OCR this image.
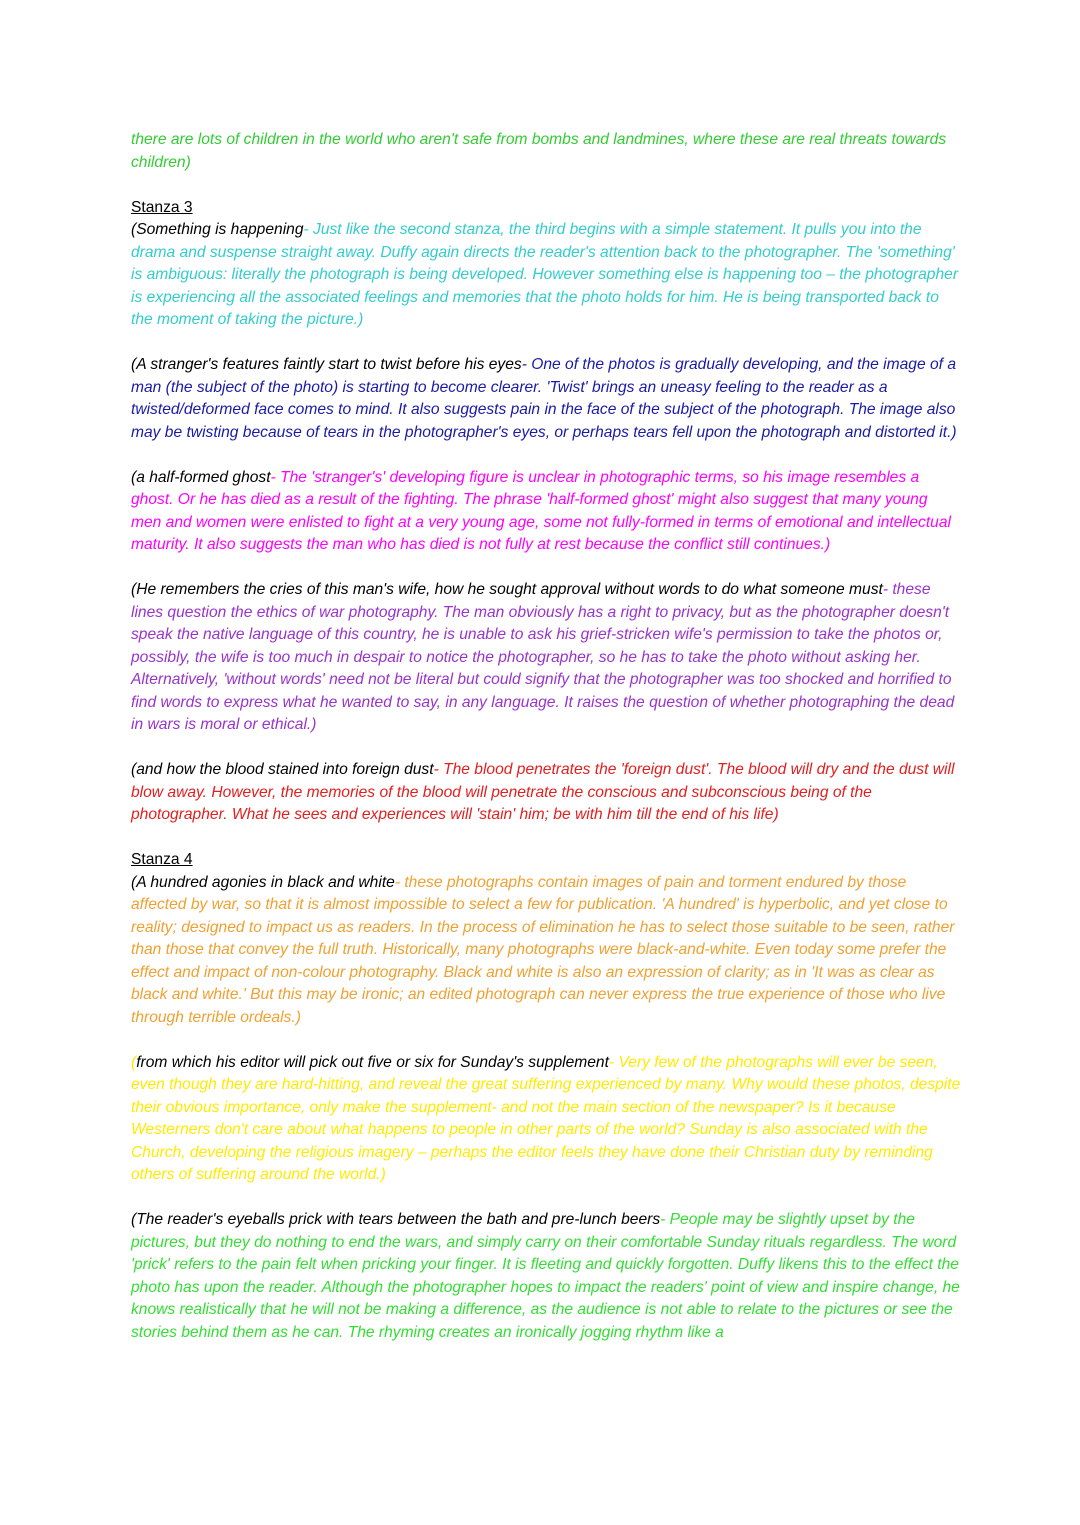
there are lots of children in the world who aren't safe from bombs and landmines, where these are real threats towards children)

Stanza 3

(Something is happening- Just like the second stanza, the third begins with a simple statement. It pulls you into the drama and suspense straight away. Duffy again directs the reader's attention back to the photographer. The 'something' is ambiguous: literally the photograph is being developed. However something else is happening too – the photographer is experiencing all the associated feelings and memories that the photo holds for him. He is being transported back to the moment of taking the picture.)

(A stranger's features faintly start to twist before his eyes- One of the photos is gradually developing, and the image of a man (the subject of the photo) is starting to become clearer. 'Twist' brings an uneasy feeling to the reader as a twisted/deformed face comes to mind. It also suggests pain in the face of the subject of the photograph. The image also may be twisting because of tears in the photographer's eyes, or perhaps tears fell upon the photograph and distorted it.)

(a half-formed ghost- The 'stranger's' developing figure is unclear in photographic terms, so his image resembles a ghost. Or he has died as a result of the fighting. The phrase 'half-formed ghost' might also suggest that many young men and women were enlisted to fight at a very young age, some not fully-formed in terms of emotional and intellectual maturity. It also suggests the man who has died is not fully at rest because the conflict still continues.)

(He remembers the cries of this man's wife, how he sought approval without words to do what someone must- these lines question the ethics of war photography. The man obviously has a right to privacy, but as the photographer doesn't speak the native language of this country, he is unable to ask his grief-stricken wife's permission to take the photos or, possibly, the wife is too much in despair to notice the photographer, so he has to take the photo without asking her. Alternatively, 'without words' need not be literal but could signify that the photographer was too shocked and horrified to find words to express what he wanted to say, in any language. It raises the question of whether photographing the dead in wars is moral or ethical.)

(and how the blood stained into foreign dust- The blood penetrates the 'foreign dust'. The blood will dry and the dust will blow away. However, the memories of the blood will penetrate the conscious and subconscious being of the photographer. What he sees and experiences will 'stain' him; be with him till the end of his life)

Stanza 4

(A hundred agonies in black and white- these photographs contain images of pain and torment endured by those affected by war, so that it is almost impossible to select a few for publication. 'A hundred' is hyperbolic, and yet close to reality; designed to impact us as readers. In the process of elimination he has to select those suitable to be seen, rather than those that convey the full truth. Historically, many photographs were black-and-white. Even today some prefer the effect and impact of non-colour photography. Black and white is also an expression of clarity; as in 'It was as clear as black and white.' But this may be ironic; an edited photograph can never express the true experience of those who live through terrible ordeals.)

(from which his editor will pick out five or six for Sunday's supplement- Very few of the photographs will ever be seen, even though they are hard-hitting, and reveal the great suffering experienced by many. Why would these photos, despite their obvious importance, only make the supplement- and not the main section of the newspaper? Is it because Westerners don't care about what happens to people in other parts of the world? Sunday is also associated with the Church, developing the religious imagery – perhaps the editor feels they have done their Christian duty by reminding others of suffering around the world.)

(The reader's eyeballs prick with tears between the bath and pre-lunch beers- People may be slightly upset by the pictures, but they do nothing to end the wars, and simply carry on their comfortable Sunday rituals regardless. The word 'prick' refers to the pain felt when pricking your finger. It is fleeting and quickly forgotten. Duffy likens this to the effect the photo has upon the reader. Although the photographer hopes to impact the readers' point of view and inspire change, he knows realistically that he will not be making a difference, as the audience is not able to relate to the pictures or see the stories behind them as he can. The rhyming creates an ironically jogging rhythm like a
